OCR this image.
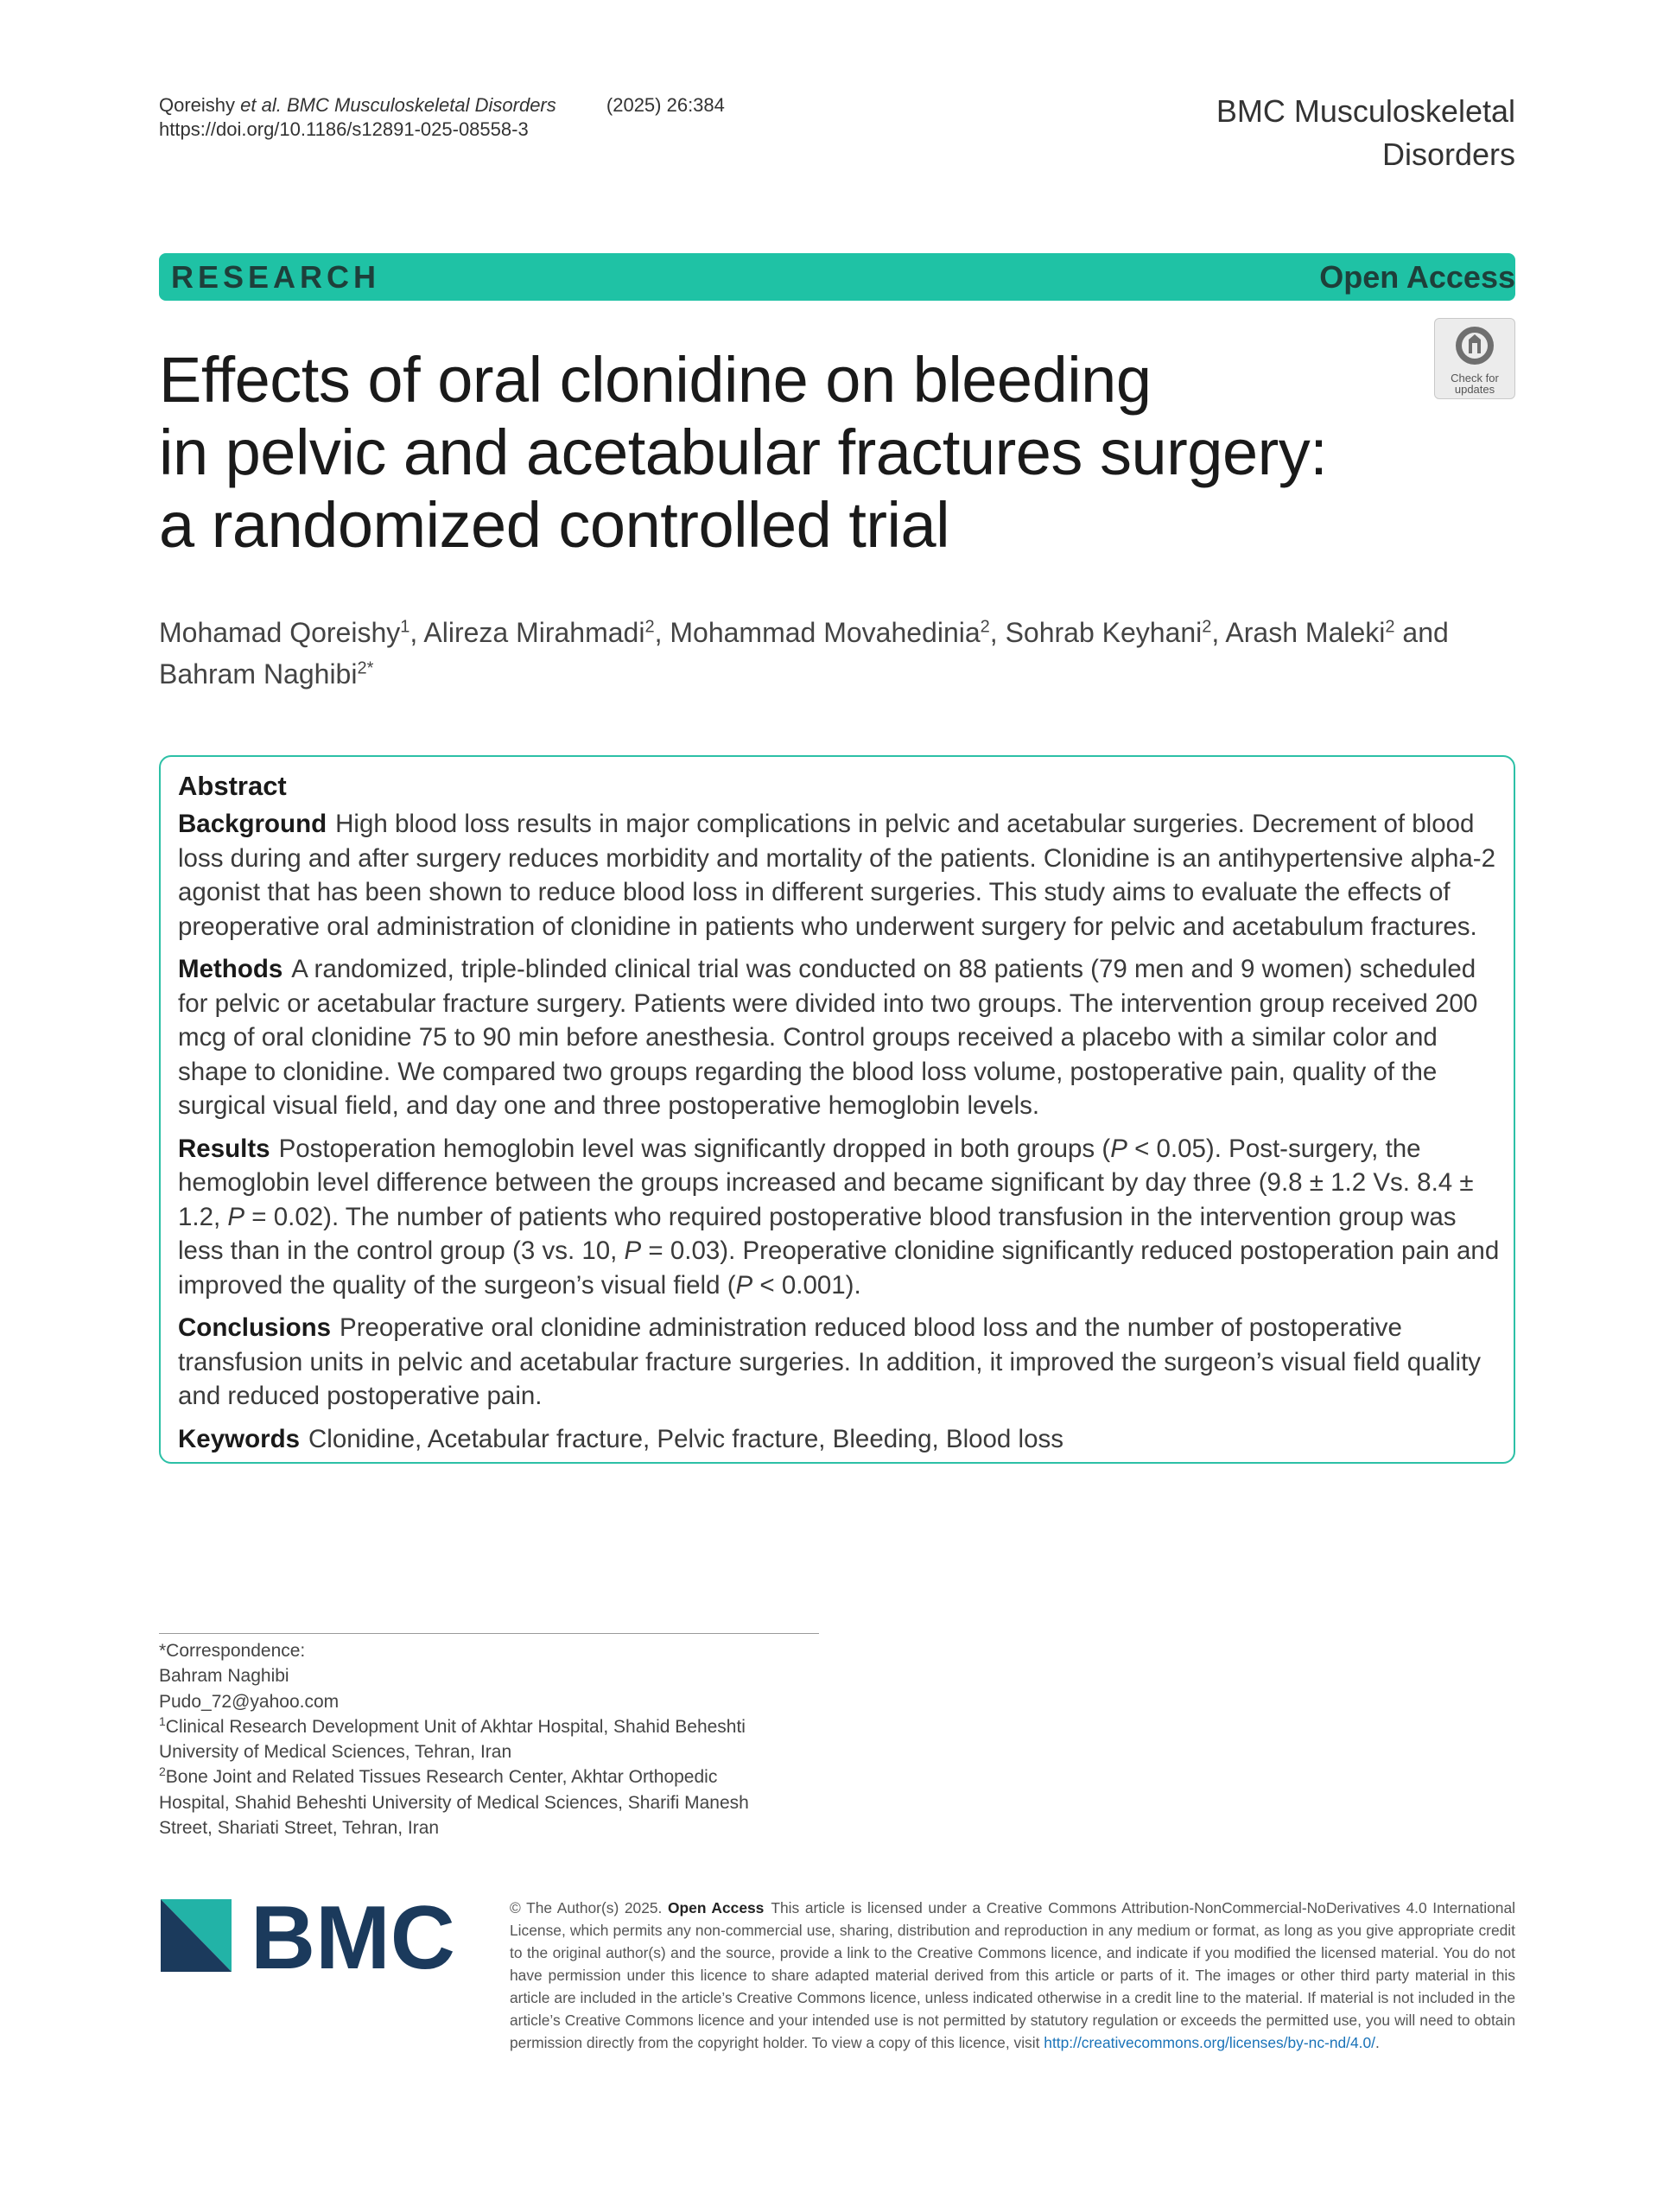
Qoreishy et al. BMC Musculoskeletal Disorders	(2025) 26:384
https://doi.org/10.1186/s12891-025-08558-3
BMC Musculoskeletal
Disorders
RESEARCH	Open Access
Check for
updates
Effects of oral clonidine on bleeding
in pelvic and acetabular fractures surgery:
a randomized controlled trial
Mohamad Qoreishy$^1$, Alireza Mirahmadi$^2$, Mohammad Movahedinia$^2$, Sohrab Keyhani$^2$, Arash Maleki$^2$ and
Bahram Naghibi$^{2*}$
Abstract

Background High blood loss results in major complications in pelvic and acetabular surgeries. Decrement of blood loss during and after surgery reduces morbidity and mortality of the patients. Clonidine is an antihypertensive alpha-2 agonist that has been shown to reduce blood loss in different surgeries. This study aims to evaluate the effects of preoperative oral administration of clonidine in patients who underwent surgery for pelvic and acetabulum fractures.

Methods A randomized, triple-blinded clinical trial was conducted on 88 patients (79 men and 9 women) scheduled for pelvic or acetabular fracture surgery. Patients were divided into two groups. The intervention group received 200 mcg of oral clonidine 75 to 90 min before anesthesia. Control groups received a placebo with a similar color and shape to clonidine. We compared two groups regarding the blood loss volume, postoperative pain, quality of the surgical visual field, and day one and three postoperative hemoglobin levels.

Results Postoperation hemoglobin level was significantly dropped in both groups (P < 0.05). Post-surgery, the hemoglobin level difference between the groups increased and became significant by day three (9.8 ± 1.2 Vs. 8.4 ± 1.2, P = 0.02). The number of patients who required postoperative blood transfusion in the intervention group was less than in the control group (3 vs. 10, P = 0.03). Preoperative clonidine significantly reduced postoperation pain and improved the quality of the surgeon’s visual field (P < 0.001).

Conclusions Preoperative oral clonidine administration reduced blood loss and the number of postoperative transfusion units in pelvic and acetabular fracture surgeries. In addition, it improved the surgeon’s visual field quality and reduced postoperative pain.

Keywords Clonidine, Acetabular fracture, Pelvic fracture, Bleeding, Blood loss

*Correspondence:
Bahram Naghibi
Pudo_72@yahoo.com
$^1$Clinical Research Development Unit of Akhtar Hospital, Shahid Beheshti
University of Medical Sciences, Tehran, Iran
$^2$Bone Joint and Related Tissues Research Center, Akhtar Orthopedic
Hospital, Shahid Beheshti University of Medical Sciences, Sharifi Manesh
Street, Shariati Street, Tehran, Iran
BMC	© The Author(s) 2025. Open Access This article is licensed under a Creative Commons Attribution-NonCommercial-NoDerivatives 4.0 International License, which permits any non-commercial use, sharing, distribution and reproduction in any medium or format, as long as you give appropriate credit to the original author(s) and the source, provide a link to the Creative Commons licence, and indicate if you modified the licensed material. You do not have permission under this licence to share adapted material derived from this article or parts of it. The images or other third party material in this article are included in the article’s Creative Commons licence, unless indicated otherwise in a credit line to the material. If material is not included in the article’s Creative Commons licence and your intended use is not permitted by statutory regulation or exceeds the permitted use, you will need to obtain permission directly from the copyright holder. To view a copy of this licence, visit http://creativecommons.org/licenses/by-nc-nd/4.0/.
